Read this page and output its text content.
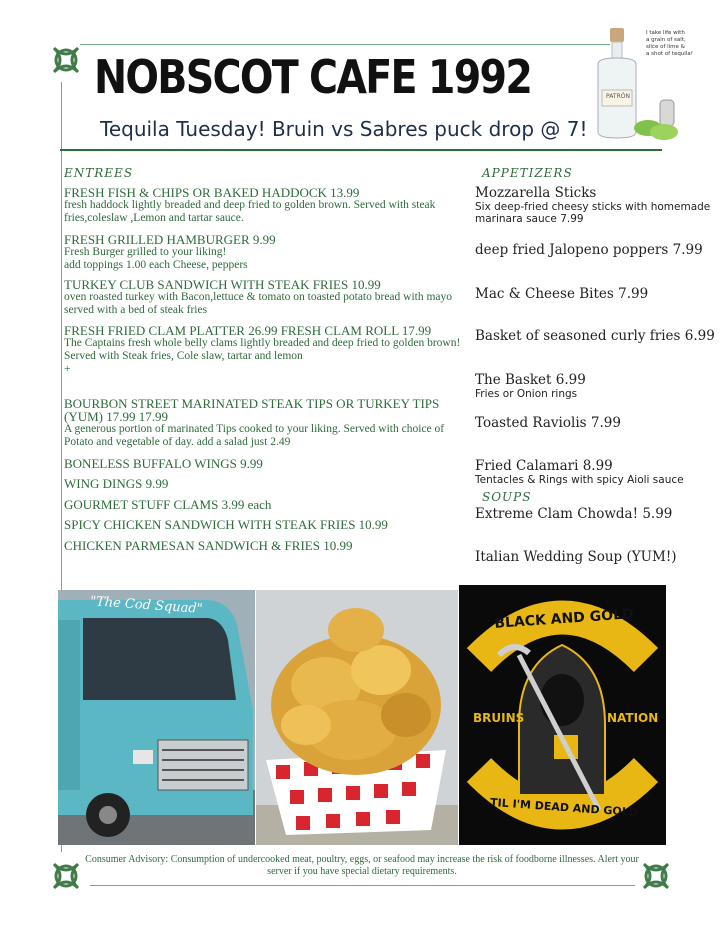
NOBSCOT CAFE 1992
Tequila Tuesday! Bruin vs Sabres puck drop @ 7!
PATRÓN
I take life with
a grain of salt,
slice of lime &
a shot of tequila!
entrees	appetizers
soups
FRESH FISH & CHIPS OR BAKED HADDOCK 13.99
fresh haddock lightly breaded and deep fried to golden brown. Served with steak fries,coleslaw ,Lemon and tartar sauce.
FRESH GRILLED HAMBURGER 9.99
Fresh Burger grilled to your liking!
add toppings 1.00 each Cheese, peppers
TURKEY CLUB SANDWICH WITH STEAK FRIES 10.99
oven roasted turkey with Bacon,lettuce & tomato on toasted potato bread with mayo served with a bed of steak fries
FRESH FRIED CLAM PLATTER 26.99 FRESH CLAM ROLL 17.99
The Captains fresh whole belly clams lightly breaded and deep fried to golden brown! Served with Steak fries, Cole slaw, tartar and lemon
+
BOURBON STREET MARINATED STEAK TIPS OR TURKEY TIPS (YUM) 17.99 17.99
A generous portion of marinated Tips cooked to your liking. Served with choice of Potato and vegetable of day. add a salad just 2.49
BONELESS BUFFALO WINGS 9.99
WING DINGS 9.99
GOURMET STUFF CLAMS 3.99 each
SPICY CHICKEN SANDWICH WITH STEAK FRIES 10.99
CHICKEN PARMESAN SANDWICH & FRIES 10.99
Mozzarella Sticks
Six deep-fried cheesy sticks with homemade marinara sauce 7.99
deep fried Jalopeno poppers 7.99
Mac & Cheese Bites 7.99
Basket of seasoned curly fries 6.99
The Basket 6.99
Fries or Onion rings
Toasted Raviolis 7.99
Fried Calamari 8.99
Tentacles & Rings with spicy Aioli sauce
Extreme Clam Chowda! 5.99
Italian Wedding Soup (YUM!)
"The Cod Squad"
BLACK AND GOLD
BRUINS	NATION
TIL I'M DEAD AND GOLD
Consumer Advisory: Consumption of undercooked meat, poultry, eggs, or seafood may increase the risk of foodborne illnesses. Alert your server if you have special dietary requirements.
